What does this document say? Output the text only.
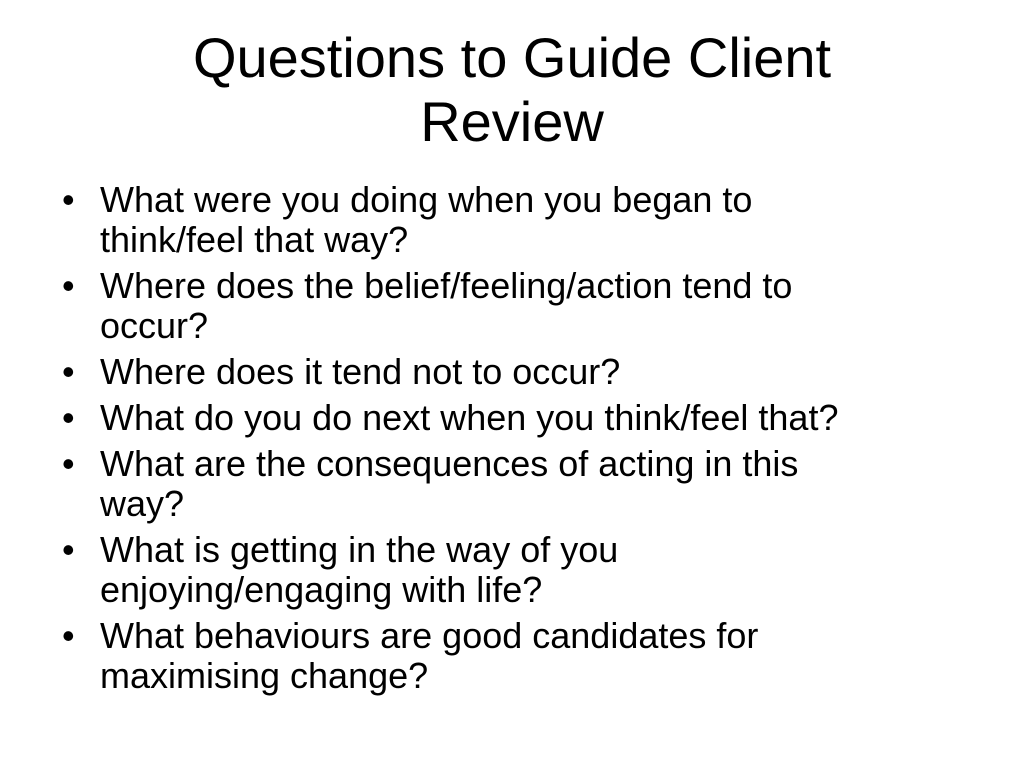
Questions to Guide Client
Review
• What were you doing when you began to
think/feel that way?
• Where does the belief/feeling/action tend to
occur?
• Where does it tend not to occur?
• What do you do next when you think/feel that?
• What are the consequences of acting in this
way?
• What is getting in the way of you
enjoying/engaging with life?
• What behaviours are good candidates for
maximising change?
